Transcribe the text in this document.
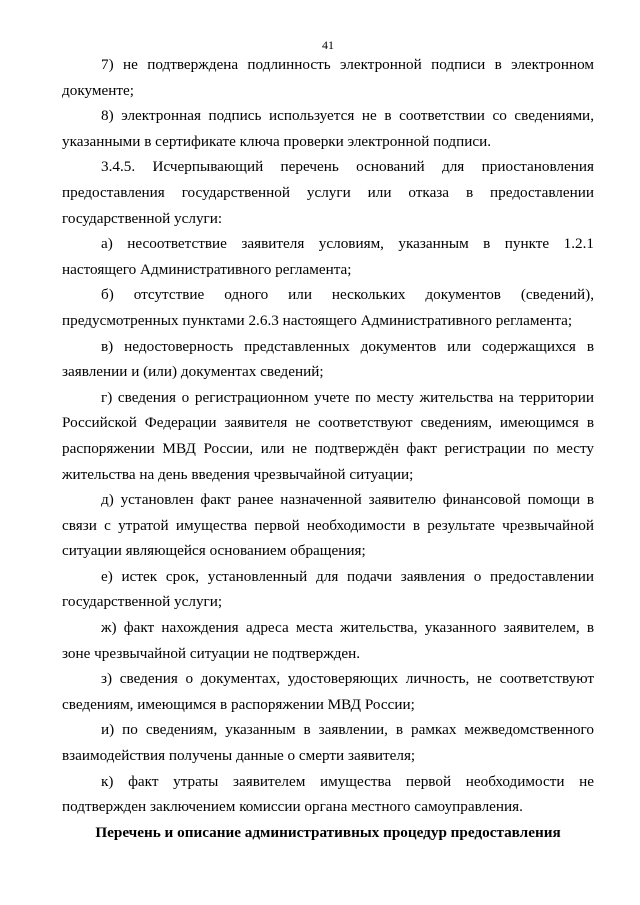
41

7) не подтверждена подлинность электронной подписи в электронном документе;

8) электронная подпись используется не в соответствии со сведениями, указанными в сертификате ключа проверки электронной подписи.

3.4.5. Исчерпывающий перечень оснований для приостановления предоставления государственной услуги или отказа в предоставлении государственной услуги:

а) несоответствие заявителя условиям, указанным в пункте 1.2.1 настоящего Административного регламента;

б) отсутствие одного или нескольких документов (сведений), предусмотренных пунктами 2.6.3 настоящего Административного регламента;

в) недостоверность представленных документов или содержащихся в заявлении и (или) документах сведений;

г) сведения о регистрационном учете по месту жительства на территории Российской Федерации заявителя не соответствуют сведениям, имеющимся в распоряжении МВД России, или не подтверждён факт регистрации по месту жительства на день введения чрезвычайной ситуации;

д) установлен факт ранее назначенной заявителю финансовой помощи в связи с утратой имущества первой необходимости в результате чрезвычайной ситуации являющейся основанием обращения;

е) истек срок, установленный для подачи заявления о предоставлении государственной услуги;

ж) факт нахождения адреса места жительства, указанного заявителем, в зоне чрезвычайной ситуации не подтвержден.

з) сведения о документах, удостоверяющих личность, не соответствуют сведениям, имеющимся в распоряжении МВД России;

и) по сведениям, указанным в заявлении, в рамках межведомственного взаимодействия получены данные о смерти заявителя;

к) факт утраты заявителем имущества первой необходимости не подтвержден заключением комиссии органа местного самоуправления.

Перечень и описание административных процедур предоставления
